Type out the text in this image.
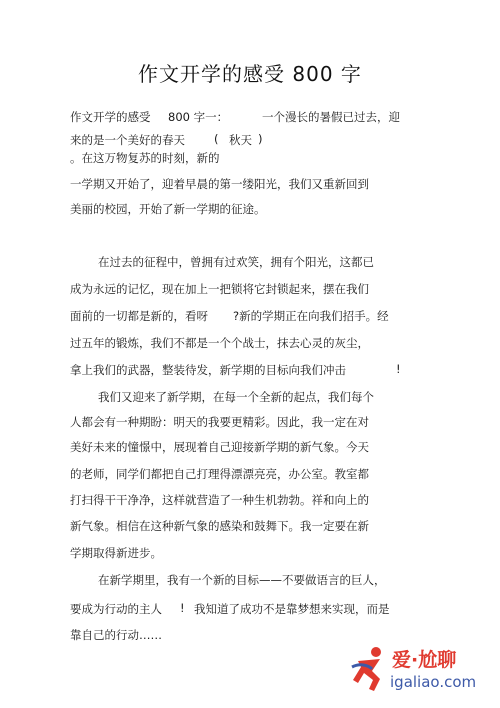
作文开学的感受 800 字
作文开学的感受 800 字一：	一个漫长的暑假已过去，迎
来的是一个美好的春天	( 秋天 )
。在这万物复苏的时刻，新的
一学期又开始了，迎着早晨的第一缕阳光，我们又重新回到
美丽的校园，开始了新一学期的征途。
在过去的征程中，曾拥有过欢笑，拥有个阳光，这都已
成为永远的记忆，现在加上一把锁将它封锁起来，摆在我们
面前的一切都是新的，看呀 ?新的学期正在向我们招手。经
过五年的锻炼，我们不都是一个个战士，抹去心灵的灰尘，
拿上我们的武器，整装待发，新学期的目标向我们冲击	!
我们又迎来了新学期，在每一个全新的起点，我们每个
人都会有一种期盼：明天的我要更精彩。因此，我一定在对
美好未来的憧憬中，展现着自己迎接新学期的新气象。今天
的老师，同学们都把自己打理得漂漂亮亮，办公室。教室都
打扫得干干净净，这样就营造了一种生机勃勃。祥和向上的
新气象。相信在这种新气象的感染和鼓舞下。我一定要在新
学期取得新进步。
在新学期里，我有一个新的目标——不要做语言的巨人，
要成为行动的主人 ! 我知道了成功不是靠梦想来实现，而是
靠自己的行动……
爱·尬聊
igaliao.com
